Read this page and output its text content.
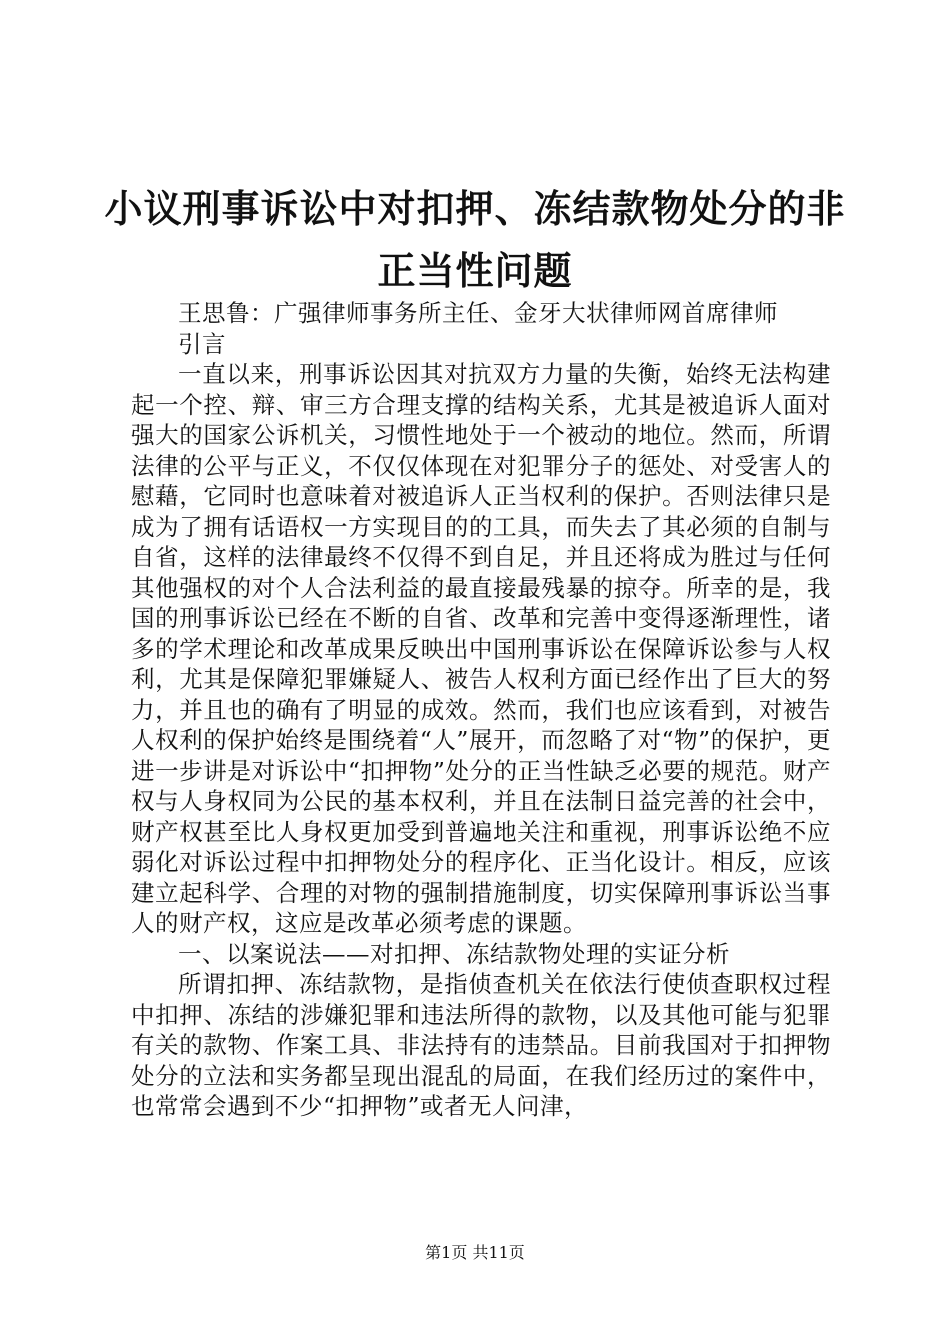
小议刑事诉讼中对扣押、冻结款物处分的非正当性问题

王思鲁：广强律师事务所主任、金牙大状律师网首席律师

引言

一直以来，刑事诉讼因其对抗双方力量的失衡，始终无法构建起一个控、辩、审三方合理支撑的结构关系，尤其是被追诉人面对强大的国家公诉机关，习惯性地处于一个被动的地位。然而，所谓法律的公平与正义，不仅仅体现在对犯罪分子的惩处、对受害人的慰藉，它同时也意味着对被追诉人正当权利的保护。否则法律只是成为了拥有话语权一方实现目的的工具，而失去了其必须的自制与自省，这样的法律最终不仅得不到自足，并且还将成为胜过与任何其他强权的对个人合法利益的最直接最残暴的掠夺。所幸的是，我国的刑事诉讼已经在不断的自省、改革和完善中变得逐渐理性，诸多的学术理论和改革成果反映出中国刑事诉讼在保障诉讼参与人权利，尤其是保障犯罪嫌疑人、被告人权利方面已经作出了巨大的努力，并且也的确有了明显的成效。然而，我们也应该看到，对被告人权利的保护始终是围绕着“人”展开，而忽略了对“物”的保护，更进一步讲是对诉讼中“扣押物”处分的正当性缺乏必要的规范。财产权与人身权同为公民的基本权利，并且在法制日益完善的社会中，财产权甚至比人身权更加受到普遍地关注和重视，刑事诉讼绝不应弱化对诉讼过程中扣押物处分的程序化、正当化设计。相反，应该建立起科学、合理的对物的强制措施制度，切实保障刑事诉讼当事人的财产权，这应是改革必须考虑的课题。

一、以案说法——对扣押、冻结款物处理的实证分析

所谓扣押、冻结款物，是指侦查机关在依法行使侦查职权过程中扣押、冻结的涉嫌犯罪和违法所得的款物，以及其他可能与犯罪有关的款物、作案工具、非法持有的违禁品。目前我国对于扣押物处分的立法和实务都呈现出混乱的局面，在我们经历过的案件中，也常常会遇到不少“扣押物”或者无人问津，

第1页 共11页
